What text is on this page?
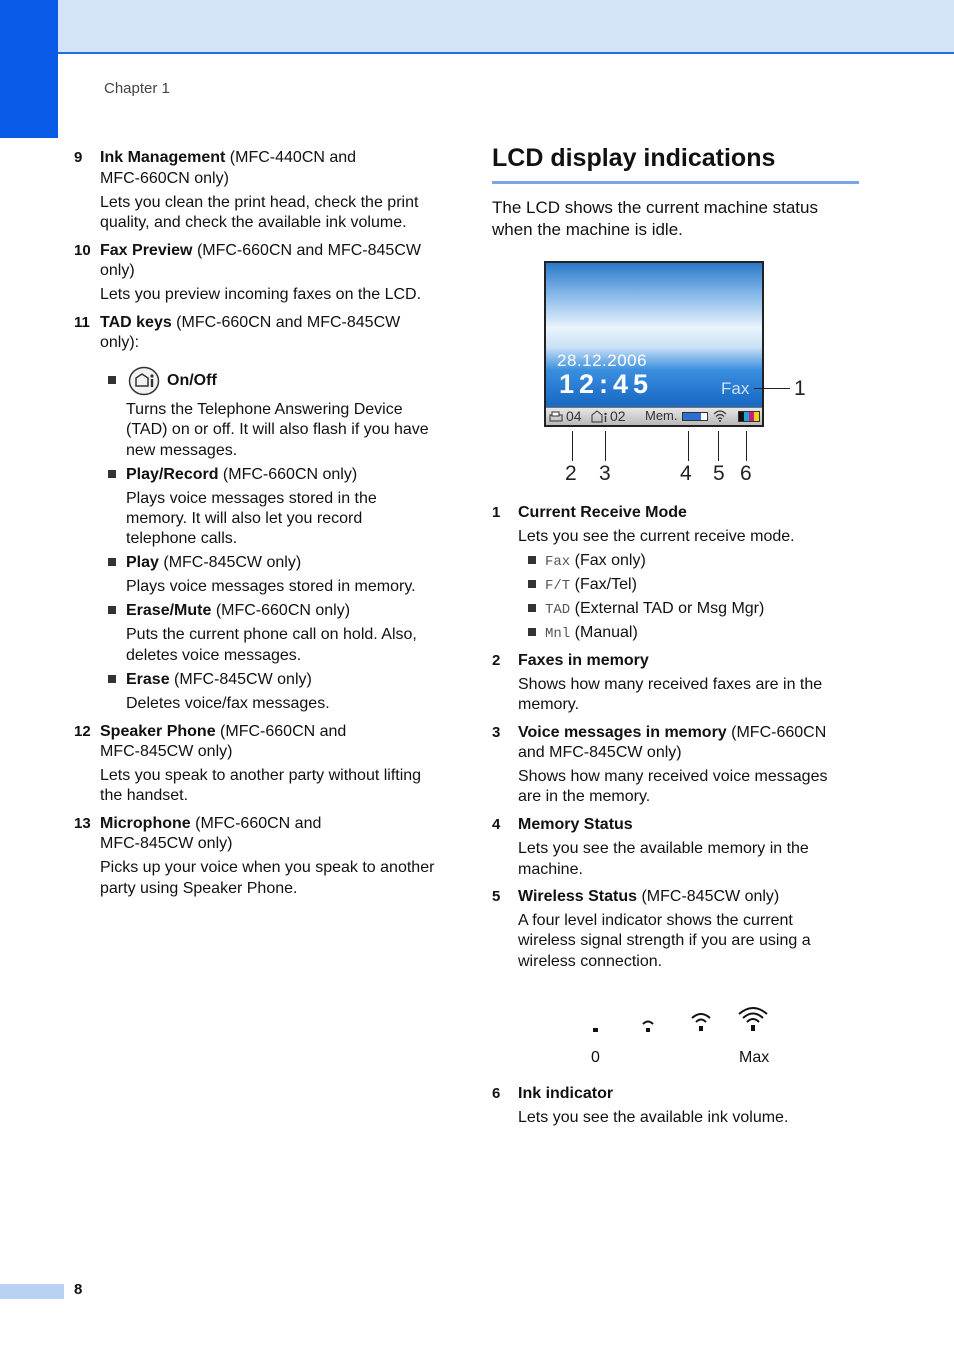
Chapter 1
9 Ink Management (MFC-440CN and
MFC-660CN only)
Lets you clean the print head, check the print
quality, and check the available ink volume.
10 Fax Preview (MFC-660CN and MFC-845CW
only)
Lets you preview incoming faxes on the LCD.
11 TAD keys (MFC-660CN and MFC-845CW
only):
On/Off
Turns the Telephone Answering Device
(TAD) on or off. It will also flash if you have
new messages.
Play/Record (MFC-660CN only)
Plays voice messages stored in the
memory. It will also let you record
telephone calls.
Play (MFC-845CW only)
Plays voice messages stored in memory.
Erase/Mute (MFC-660CN only)
Puts the current phone call on hold. Also,
deletes voice messages.
Erase (MFC-845CW only)
Deletes voice/fax messages.
12 Speaker Phone (MFC-660CN and
MFC-845CW only)
Lets you speak to another party without lifting
the handset.
13 Microphone (MFC-660CN and
MFC-845CW only)
Picks up your voice when you speak to another
party using Speaker Phone.
LCD display indications
The LCD shows the current machine status
when the machine is idle.
28.12.2006
12:45	Fax
04 02 Mem.
1
2 3	4 5 6
1 Current Receive Mode
Lets you see the current receive mode.
Fax (Fax only)
F/T (Fax/Tel)
TAD (External TAD or Msg Mgr)
Mnl (Manual)
2 Faxes in memory
Shows how many received faxes are in the
memory.
3 Voice messages in memory (MFC-660CN
and MFC-845CW only)
Shows how many received voice messages
are in the memory.
4 Memory Status
Lets you see the available memory in the
machine.
5 Wireless Status (MFC-845CW only)
A four level indicator shows the current
wireless signal strength if you are using a
wireless connection.
0	Max
6 Ink indicator
Lets you see the available ink volume.
8
